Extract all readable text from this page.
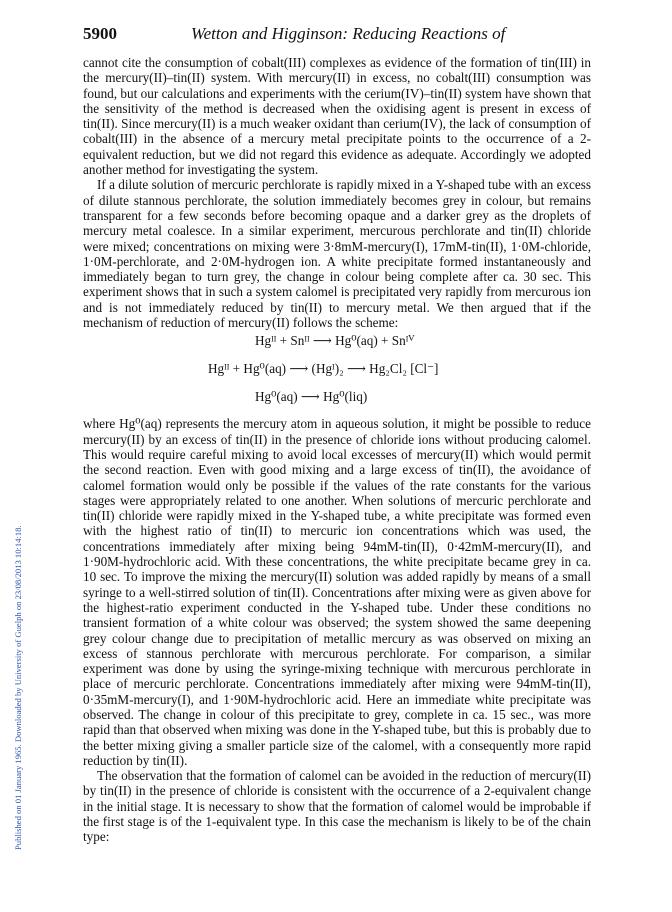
Published on 01 January 1965. Downloaded by University of Guelph on 23/08/2013 10:14:18.
5900	Wetton and Higginson: Reducing Reactions of

cannot cite the consumption of cobalt(III) complexes as evidence of the formation of tin(III) in the mercury(II)–tin(II) system. With mercury(II) in excess, no cobalt(III) consumption was found, but our calculations and experiments with the cerium(IV)–tin(II) system have shown that the sensitivity of the method is decreased when the oxidising agent is present in excess of tin(II). Since mercury(II) is a much weaker oxidant than cerium(IV), the lack of consumption of cobalt(III) in the absence of a mercury metal precipitate points to the occurrence of a 2-equivalent reduction, but we did not regard this evidence as adequate. Accordingly we adopted another method for investigating the system.

If a dilute solution of mercuric perchlorate is rapidly mixed in a Y-shaped tube with an excess of dilute stannous perchlorate, the solution immediately becomes grey in colour, but remains transparent for a few seconds before becoming opaque and a darker grey as the droplets of mercury metal coalesce. In a similar experiment, mercurous perchlorate and tin(II) chloride were mixed; concentrations on mixing were 3·8mM-mercury(I), 17mM-tin(II), 1·0M-chloride, 1·0M-perchlorate, and 2·0M-hydrogen ion. A white precipitate formed instantaneously and immediately began to turn grey, the change in colour being complete after ca. 30 sec. This experiment shows that in such a system calomel is precipitated very rapidly from mercurous ion and is not immediately reduced by tin(II) to mercury metal. We then argued that if the mechanism of reduction of mercury(II) follows the scheme:

Hgᴵᴵ + Snᴵᴵ ⟶ Hg⁰(aq) + Snᴵⱽ
Hgᴵᴵ + Hg⁰(aq) ⟶ (Hgᴵ)₂ ⟶ Hg₂Cl₂ [Cl⁻]
Hg⁰(aq) ⟶ Hg⁰(liq)

where Hg⁰(aq) represents the mercury atom in aqueous solution, it might be possible to reduce mercury(II) by an excess of tin(II) in the presence of chloride ions without producing calomel. This would require careful mixing to avoid local excesses of mercury(II) which would permit the second reaction. Even with good mixing and a large excess of tin(II), the avoidance of calomel formation would only be possible if the values of the rate constants for the various stages were appropriately related to one another. When solutions of mercuric perchlorate and tin(II) chloride were rapidly mixed in the Y-shaped tube, a white precipitate was formed even with the highest ratio of tin(II) to mercuric ion concentrations which was used, the concentrations immediately after mixing being 94mM-tin(II), 0·42mM-mercury(II), and 1·90M-hydrochloric acid. With these concentrations, the white precipitate became grey in ca. 10 sec. To improve the mixing the mercury(II) solution was added rapidly by means of a small syringe to a well-stirred solution of tin(II). Concentrations after mixing were as given above for the highest-ratio experiment conducted in the Y-shaped tube. Under these conditions no transient formation of a white colour was observed; the system showed the same deepening grey colour change due to precipitation of metallic mercury as was observed on mixing an excess of stannous perchlorate with mercurous perchlorate. For comparison, a similar experiment was done by using the syringe-mixing technique with mercurous perchlorate in place of mercuric perchlorate. Concentrations immediately after mixing were 94mM-tin(II), 0·35mM-mercury(I), and 1·90M-hydrochloric acid. Here an immediate white precipitate was observed. The change in colour of this precipitate to grey, complete in ca. 15 sec., was more rapid than that observed when mixing was done in the Y-shaped tube, but this is probably due to the better mixing giving a smaller particle size of the calomel, with a consequently more rapid reduction by tin(II).

The observation that the formation of calomel can be avoided in the reduction of mercury(II) by tin(II) in the presence of chloride is consistent with the occurrence of a 2-equivalent change in the initial stage. It is necessary to show that the formation of calomel would be improbable if the first stage is of the 1-equivalent type. In this case the mechanism is likely to be of the chain type:
